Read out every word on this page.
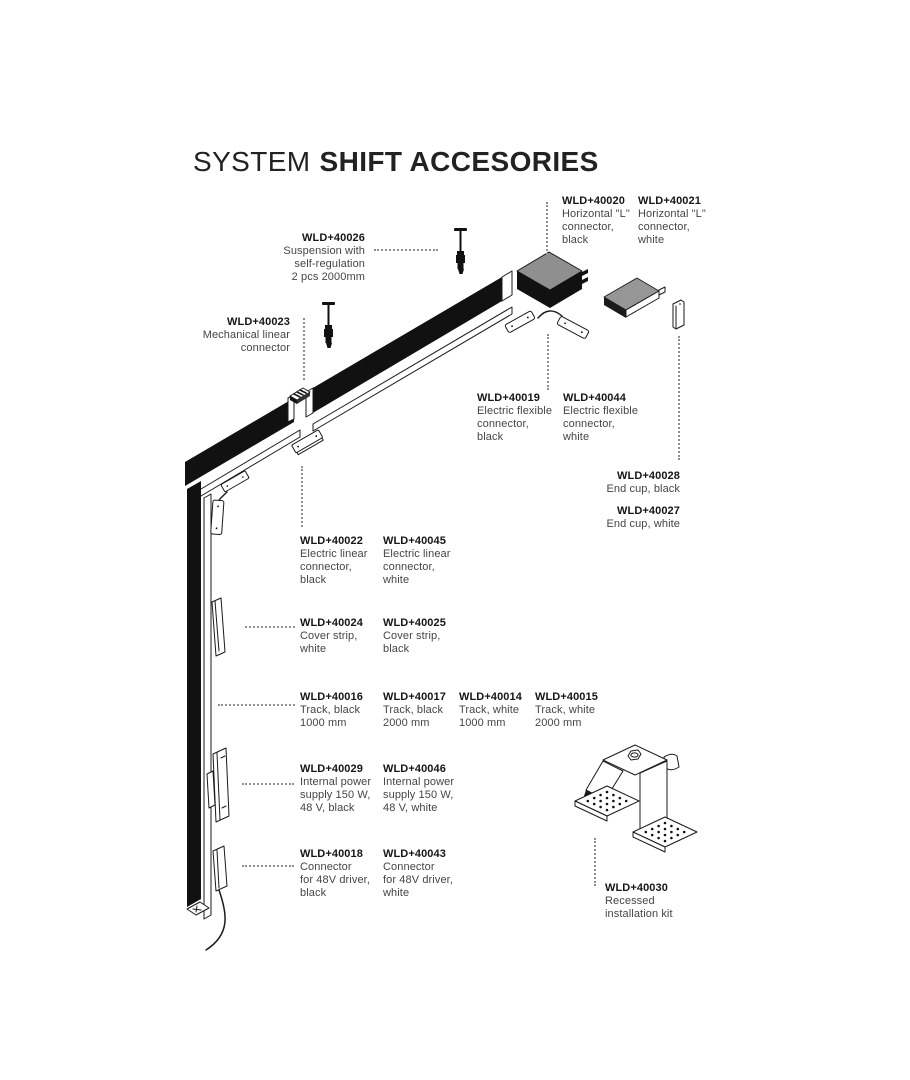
SYSTEM SHIFT ACCESORIES
WLD+40026
Suspension with
self-regulation
2 pcs 2000mm
WLD+40020
Horizontal "L"
connector,
black
WLD+40021
Horizontal "L"
connector,
white
WLD+40023
Mechanical linear
connector
WLD+40019
Electric flexible
connector,
black
WLD+40044
Electric flexible
connector,
white
WLD+40028
End cup, black
WLD+40027
End cup, white
WLD+40022
Electric linear
connector,
black
WLD+40045
Electric linear
connector,
white
WLD+40024
Cover strip,
white
WLD+40025
Cover strip,
black
WLD+40016
Track, black
1000 mm
WLD+40017
Track, black
2000 mm
WLD+40014
Track, white
1000 mm
WLD+40015
Track, white
2000 mm
WLD+40029
Internal power
supply 150 W,
48 V, black
WLD+40046
Internal power
supply 150 W,
48 V, white
WLD+40018
Connector
for 48V driver,
black
WLD+40043
Connector
for 48V driver,
white	WLD+40030
Recessed
installation kit
